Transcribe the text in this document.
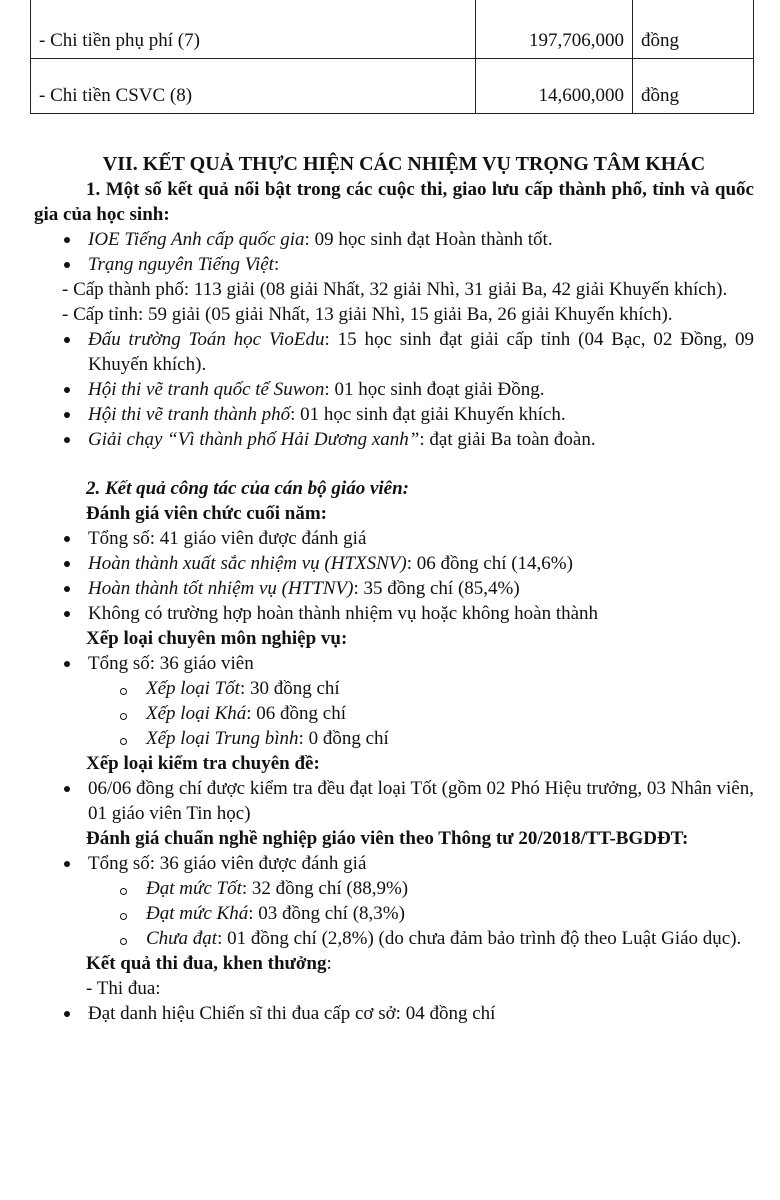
- Chi tiền phụ phí (7)	197,706,000	đồng
- Chi tiền CSVC (8)	14,600,000	đồng

VII. KẾT QUẢ THỰC HIỆN CÁC NHIỆM VỤ TRỌNG TÂM KHÁC

1. Một số kết quả nổi bật trong các cuộc thi, giao lưu cấp thành phố, tỉnh và quốc gia của học sinh:

IOE Tiếng Anh cấp quốc gia: 09 học sinh đạt Hoàn thành tốt.
Trạng nguyên Tiếng Việt:

- Cấp thành phố: 113 giải (08 giải Nhất, 32 giải Nhì, 31 giải Ba, 42 giải Khuyến khích).

- Cấp tỉnh: 59 giải (05 giải Nhất, 13 giải Nhì, 15 giải Ba, 26 giải Khuyến khích).

Đấu trường Toán học VioEdu: 15 học sinh đạt giải cấp tỉnh (04 Bạc, 02 Đồng, 09 Khuyến khích).
Hội thi vẽ tranh quốc tế Suwon: 01 học sinh đoạt giải Đồng.
Hội thi vẽ tranh thành phố: 01 học sinh đạt giải Khuyến khích.
Giải chạy “Vì thành phố Hải Dương xanh”: đạt giải Ba toàn đoàn.

2. Kết quả công tác của cán bộ giáo viên:

Đánh giá viên chức cuối năm:

Tổng số: 41 giáo viên được đánh giá
Hoàn thành xuất sắc nhiệm vụ (HTXSNV): 06 đồng chí (14,6%)
Hoàn thành tốt nhiệm vụ (HTTNV): 35 đồng chí (85,4%)
Không có trường hợp hoàn thành nhiệm vụ hoặc không hoàn thành

Xếp loại chuyên môn nghiệp vụ:

Tổng số: 36 giáo viên
Xếp loại Tốt: 30 đồng chí
Xếp loại Khá: 06 đồng chí
Xếp loại Trung bình: 0 đồng chí

Xếp loại kiểm tra chuyên đề:

06/06 đồng chí được kiểm tra đều đạt loại Tốt (gồm 02 Phó Hiệu trưởng, 03 Nhân viên, 01 giáo viên Tin học)

Đánh giá chuẩn nghề nghiệp giáo viên theo Thông tư 20/2018/TT-BGDĐT:

Tổng số: 36 giáo viên được đánh giá
Đạt mức Tốt: 32 đồng chí (88,9%)
Đạt mức Khá: 03 đồng chí (8,3%)
Chưa đạt: 01 đồng chí (2,8%) (do chưa đảm bảo trình độ theo Luật Giáo dục).

Kết quả thi đua, khen thưởng:

- Thi đua:

Đạt danh hiệu Chiến sĩ thi đua cấp cơ sở: 04 đồng chí
